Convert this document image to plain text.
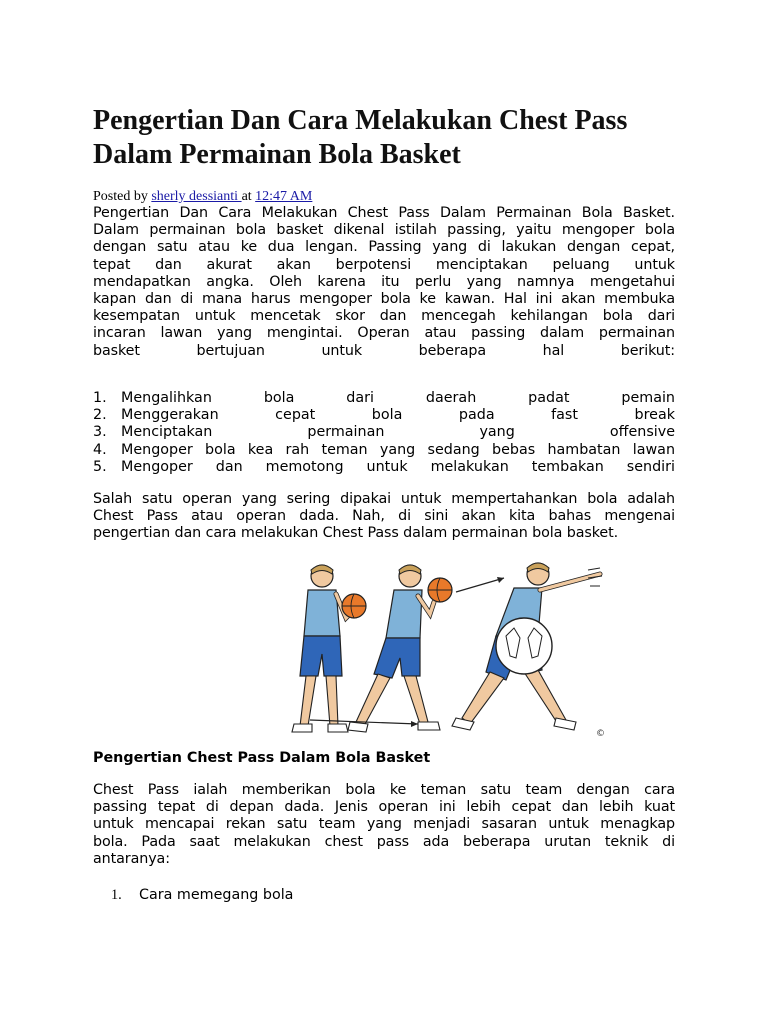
Pengertian Dan Cara Melakukan Chest Pass Dalam Permainan Bola Basket
Posted by sherly dessianti at 12:47 AM

Pengertian Dan Cara Melakukan Chest Pass Dalam Permainan Bola Basket.

Dalam permainan bola basket dikenal istilah passing, yaitu mengoper bola

dengan satu atau ke dua lengan. Passing yang di lakukan dengan cepat,

tepat dan akurat akan berpotensi menciptakan peluang untuk

mendapatkan angka. Oleh karena itu perlu yang namnya mengetahui

kapan dan di mana harus mengoper bola ke kawan. Hal ini akan membuka

kesempatan untuk mencetak skor dan mencegah kehilangan bola dari

incaran lawan yang mengintai. Operan atau passing dalam permainan

basket bertujuan untuk beberapa hal berikut:

1.	Mengalihkan bola dari daerah padat pemain
2.	Menggerakan cepat bola pada fast break
3.	Menciptakan permainan yang offensive
4.	Mengoper bola kea rah teman yang sedang bebas hambatan lawan
5.	Mengoper dan memotong untuk melakukan tembakan sendiri

Salah satu operan yang sering dipakai untuk mempertahankan bola adalah

Chest Pass atau operan dada. Nah, di sini akan kita bahas mengenai

pengertian dan cara melakukan Chest Pass dalam permainan bola basket.

©
Pengertian Chest Pass Dalam Bola Basket

Chest Pass ialah memberikan bola ke teman satu team dengan cara

passing tepat di depan dada. Jenis operan ini lebih cepat dan lebih kuat

untuk mencapai rekan satu team yang menjadi sasaran untuk menagkap

bola. Pada saat melakukan chest pass ada beberapa urutan teknik di

antaranya:

1. Cara memegang bola
